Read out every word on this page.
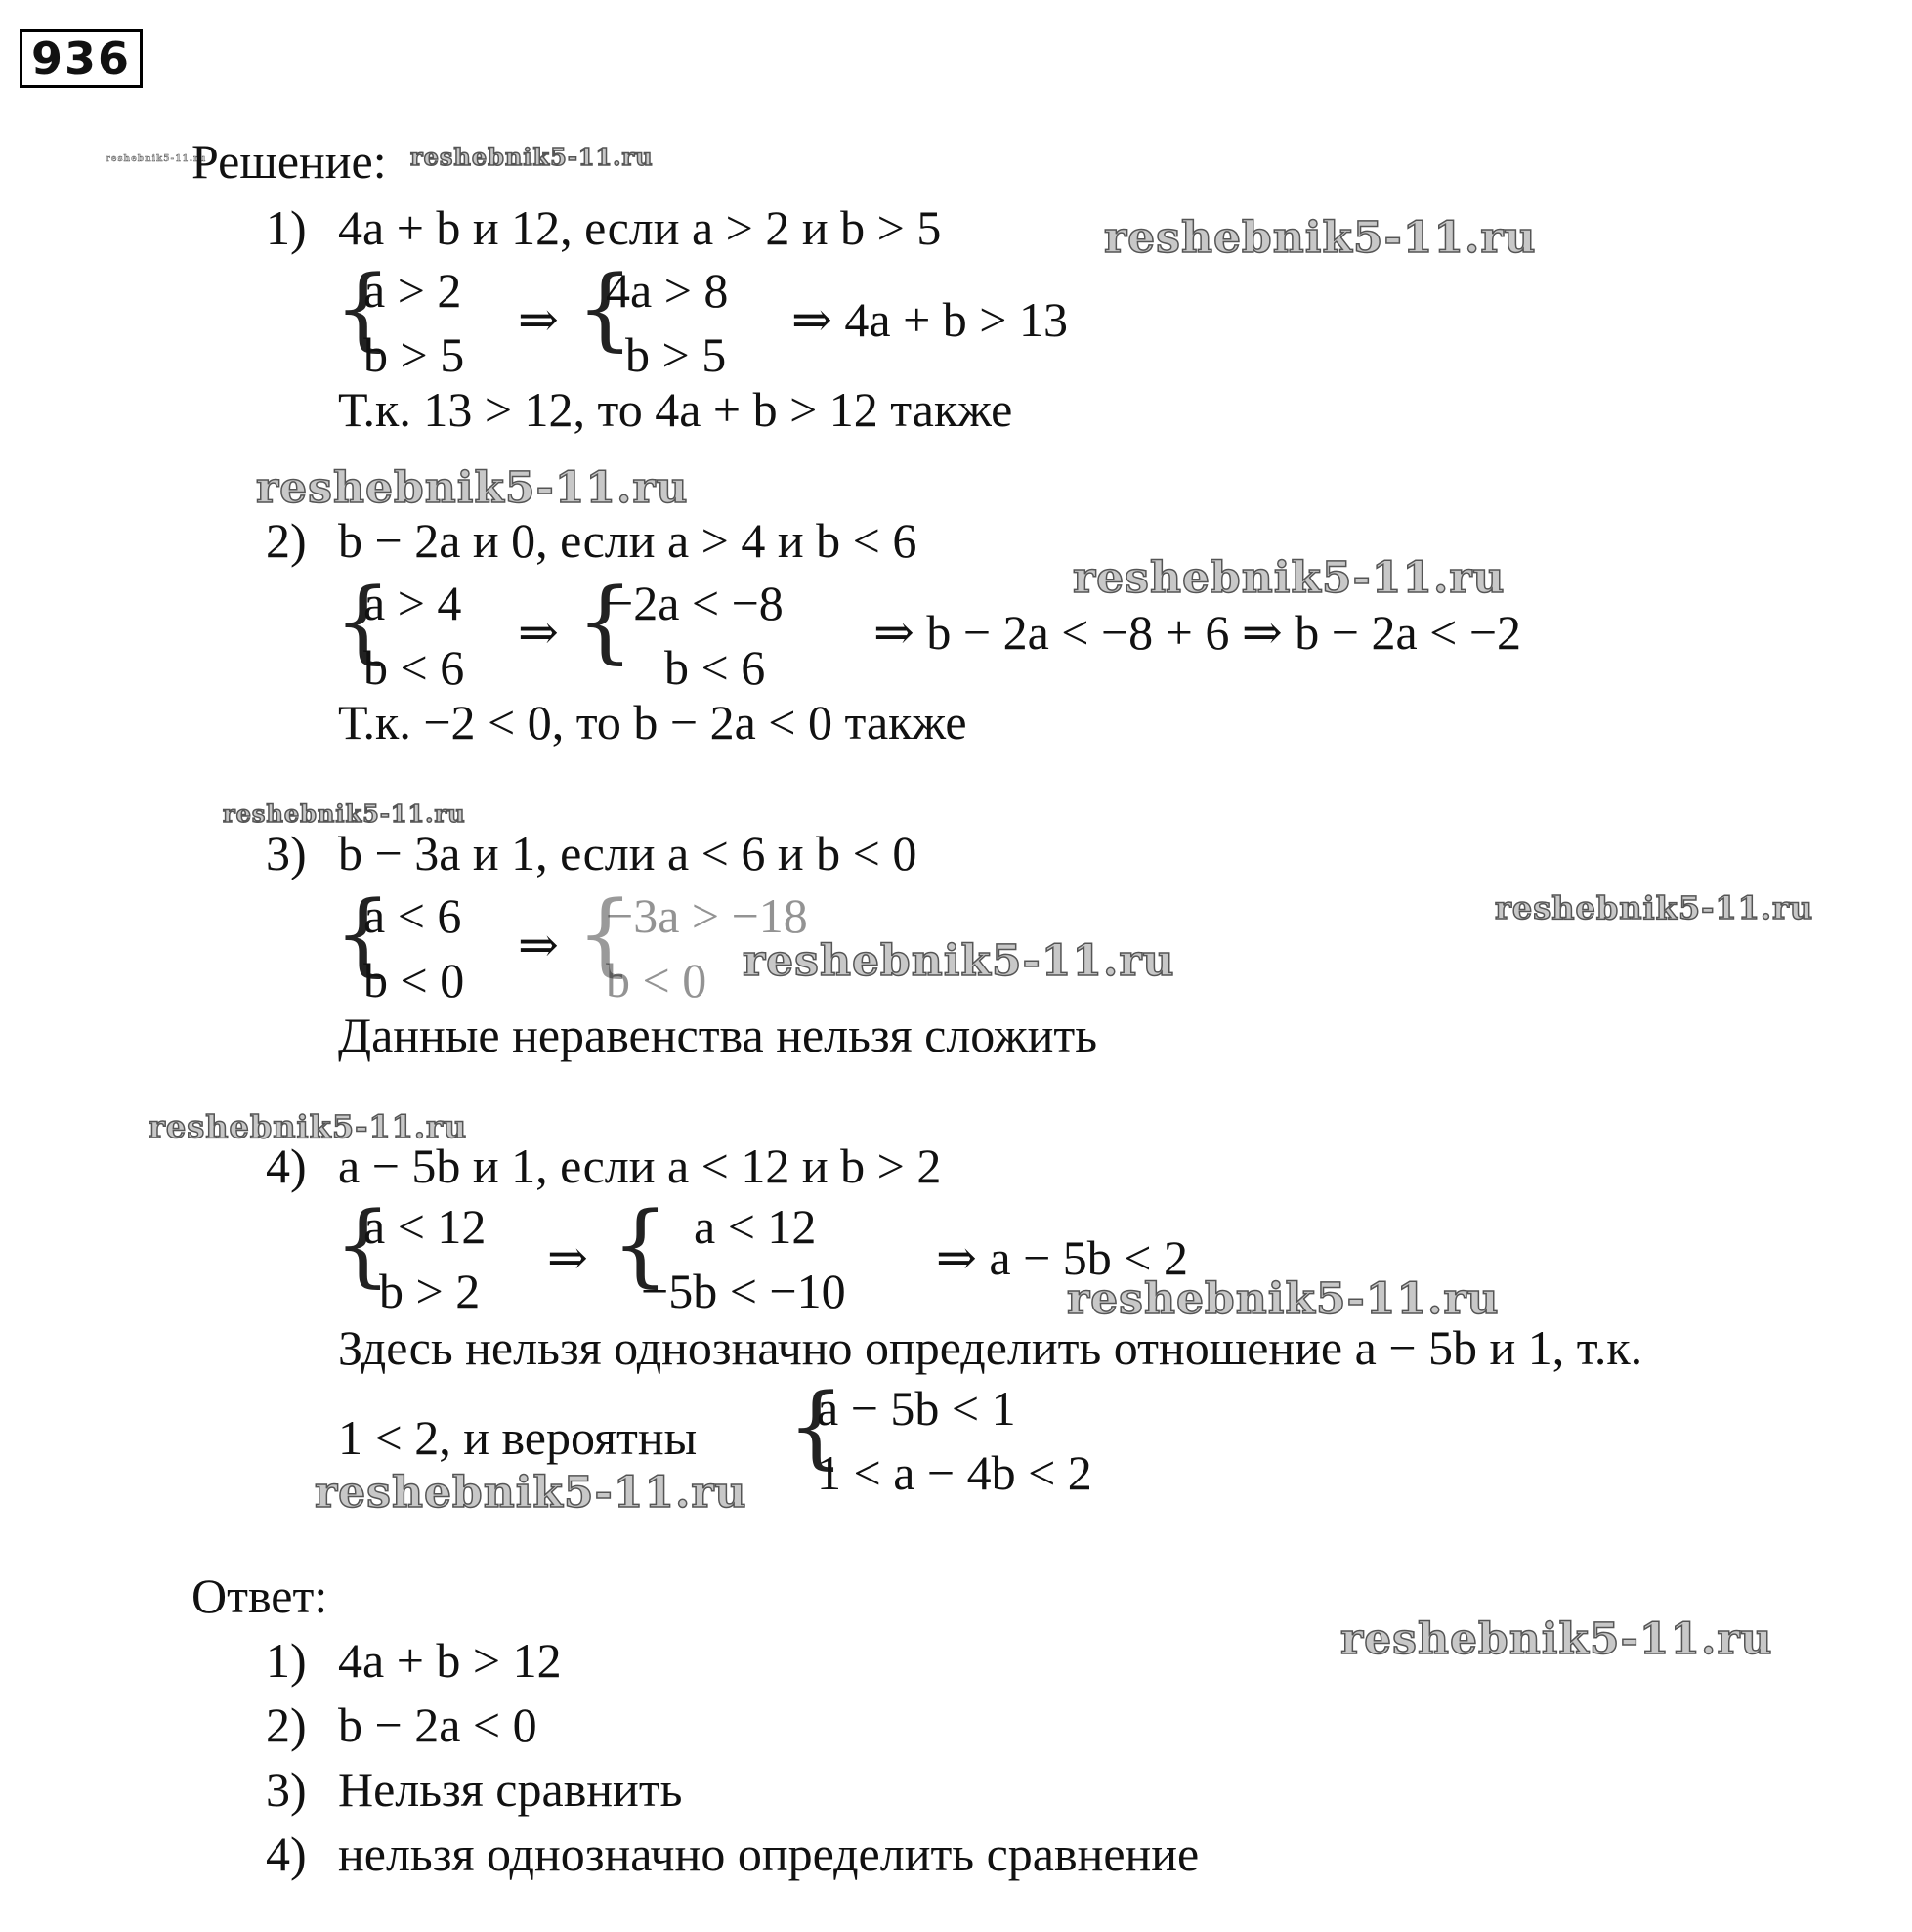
936
reshebnik5-11.ru
Решение: reshebnik5-11.ru
1) 4a + b и 12, если a > 2 и b > 5	reshebnik5-11.ru
{
a > 2
b > 5
⇒ {
4a > 8
b > 5
⇒ 4a + b > 13
Т.к. 13 > 12, то 4a + b > 12 также
reshebnik5-11.ru
2) b − 2a и 0, если a > 4 и b < 6
reshebnik5-11.ru
{
a > 4
b < 6
⇒ {
−2a < −8
b < 6
⇒ b − 2a < −8 + 6 ⇒ b − 2a < −2
Т.к. −2 < 0, то b − 2a < 0 также
reshebnik5-11.ru
3) b − 3a и 1, если a < 6 и b < 0
reshebnik5-11.ru
{
a < 6
b < 0
⇒ {
−3a > −18
b < 0 reshebnik5-11.ru
Данные неравенства нельзя сложить
reshebnik5-11.ru
4) a − 5b и 1, если a < 12 и b > 2
{
a < 12
b > 2
⇒ { a < 12
−5b < −10
⇒ a − 5b < 2
reshebnik5-11.ru
Здесь нельзя однозначно определить отношение a − 5b и 1, т.к.
1 < 2, и вероятны {
a − 5b < 1
1 < a − 4b < 2
reshebnik5-11.ru
Ответ:
reshebnik5-11.ru
1) 4a + b > 12
2) b − 2a < 0
3) Нельзя сравнить
4) нельзя однозначно определить сравнение
